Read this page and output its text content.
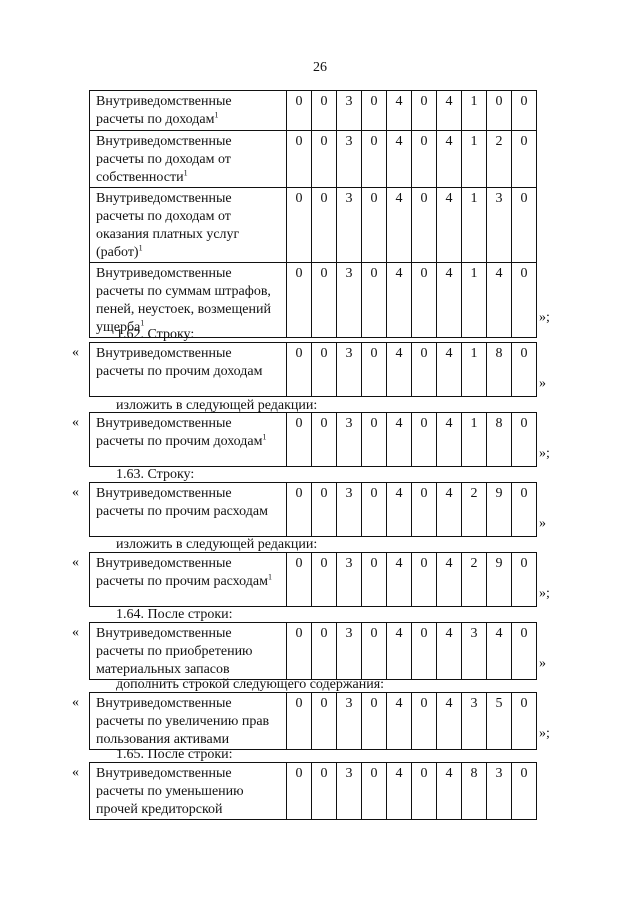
26
Внутриведомственные расчеты по доходам$^1$	0	0	3	0	4	0	4	1	0	0
Внутриведомственные расчеты по доходам от собственности$^1$	0	0	3	0	4	0	4	1	2	0
Внутриведомственные расчеты по доходам от оказания платных услуг (работ)$^1$	0	0	3	0	4	0	4	1	3	0
Внутриведомственные расчеты по суммам штрафов, пеней, неустоек, возмещений ущерба$^1$	0	0	3	0	4	0	4	1	4	0
»;
1.62. Строку:
Внутриведомственные расчеты по прочим доходам	0	0	3	0	4	0	4	1	8	0
«
»
изложить в следующей редакции:
Внутриведомственные расчеты по прочим доходам$^1$	0	0	3	0	4	0	4	1	8	0
«
»;
1.63. Строку:
Внутриведомственные расчеты по прочим расходам	0	0	3	0	4	0	4	2	9	0
«
»
изложить в следующей редакции:
Внутриведомственные расчеты по прочим расходам$^1$	0	0	3	0	4	0	4	2	9	0
«
»;
1.64. После строки:
Внутриведомственные расчеты по приобретению материальных запасов	0	0	3	0	4	0	4	3	4	0
«
»
дополнить строкой следующего содержания:
Внутриведомственные расчеты по увеличению прав пользования активами	0	0	3	0	4	0	4	3	5	0
«
»;
1.65. После строки:
Внутриведомственные расчеты по уменьшению прочей кредиторской	0	0	3	0	4	0	4	8	3	0
«
